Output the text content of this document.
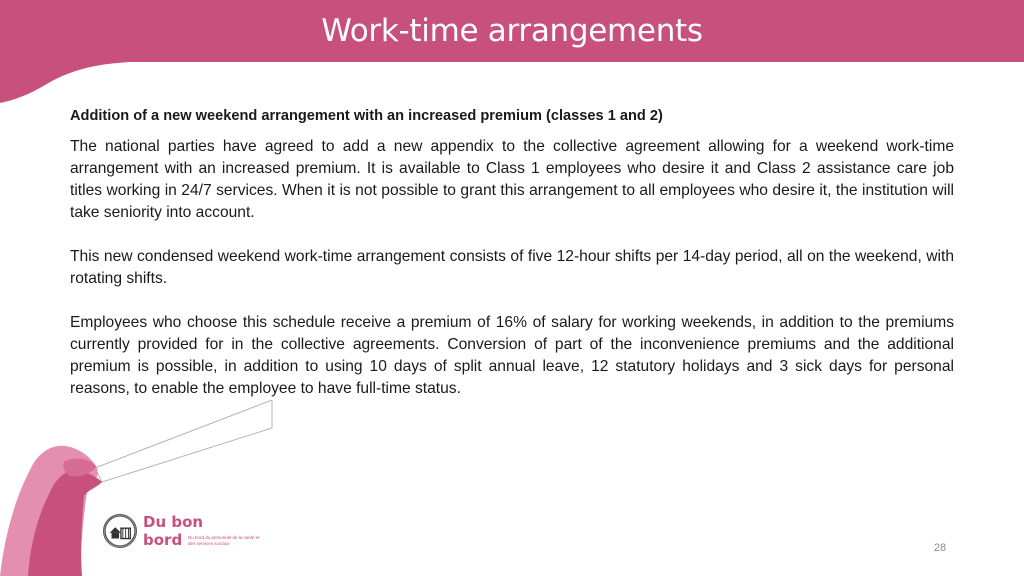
Work-time arrangements
Addition of a new weekend arrangement with an increased premium (classes 1 and 2)

The national parties have agreed to add a new appendix to the collective agreement allowing for a weekend work-time arrangement with an increased premium. It is available to Class 1 employees who desire it and Class 2 assistance care job titles working in 24/7 services. When it is not possible to grant this arrangement to all employees who desire it, the institution will take seniority into account.

This new condensed weekend work-time arrangement consists of five 12-hour shifts per 14-day period, all on the weekend, with rotating shifts.

Employees who choose this schedule receive a premium of 16% of salary for working weekends, in addition to the premiums currently provided for in the collective agreements. Conversion of part of the inconvenience premiums and the additional premium is possible, in addition to using 10 days of split annual leave, 12 statutory holidays and 3 sick days for personal reasons, to enable the employee to have full-time status.

Du bon
bord	Du bord du personnel de la santé et des services sociaux	28
